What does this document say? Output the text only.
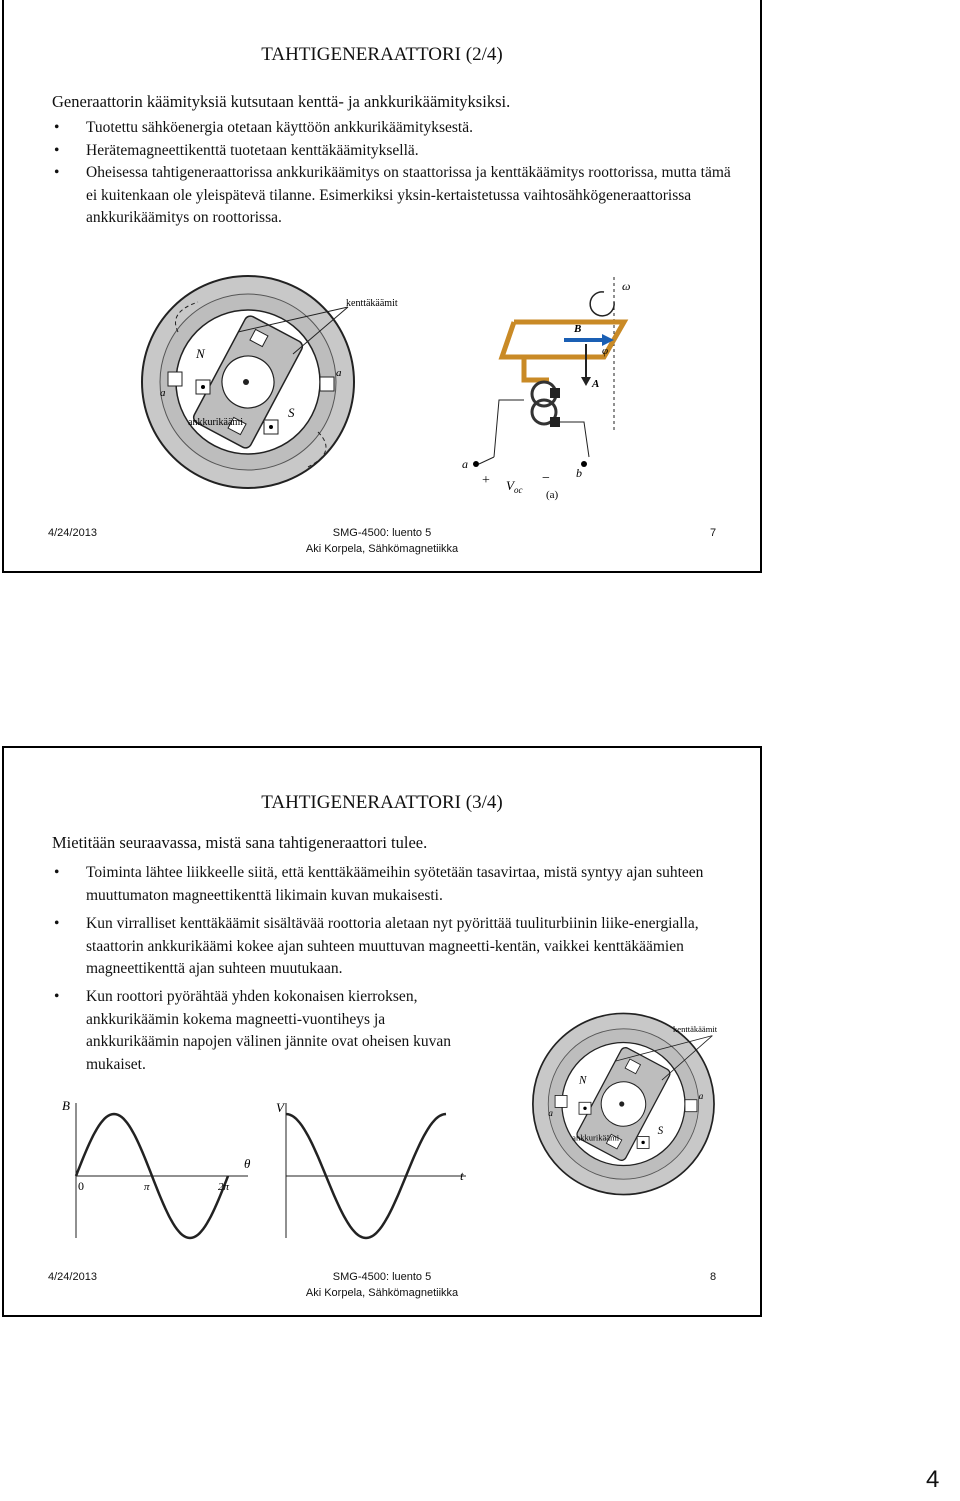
TAHTIGENERAATTORI (2/4)
Generaattorin käämityksiä kutsutaan kenttä- ja ankkurikäämityksiksi.
• Tuotettu sähköenergia otetaan käyttöön ankkurikäämityksestä.
• Herätemagneettikenttä tuotetaan kenttäkäämityksellä.
• Oheisessa tahtigeneraattorissa ankkurikäämitys on staattorissa ja kenttäkäämitys roottorissa, mutta tämä ei kuitenkaan ole yleispätevä tilanne. Esimerkiksi yksin-kertaistetussa vaihtosähkögeneraattorissa ankkurikäämitys on roottorissa.
N
S
a
a
kenttäkäämit
ankkurikäämi
ω
B
φ
A
a
b
+	−
$V_{oc}$ (a)
4/24/2013	SMG-4500: luento 5
Aki Korpela, Sähkömagnetiikka
7
TAHTIGENERAATTORI (3/4)
Mietitään seuraavassa, mistä sana tahtigeneraattori tulee.
• Toiminta lähtee liikkeelle siitä, että kenttäkäämeihin syötetään tasavirtaa, mistä syntyy ajan suhteen muuttumaton magneettikenttä likimain kuvan mukaisesti.
• Kun virralliset kenttäkäämit sisältävää roottoria aletaan nyt pyörittää tuuliturbiinin liike-energialla, staattorin ankkurikäämi kokee ajan suhteen muuttuvan magneetti-kentän, vaikkei kenttäkäämien magneettikenttä ajan suhteen muutukaan.
• Kun roottori pyörähtää yhden kokonaisen kierroksen, ankkurikäämin kokema magneetti-vuontiheys ja ankkurikäämin napojen välinen jännite ovat oheisen kuvan mukaiset.
N
S
a
a
kenttäkäämit
ankkurikäämi
B
θ
0	π	2π
V
t
4/24/2013	SMG-4500: luento 5
Aki Korpela, Sähkömagnetiikka
8
4
